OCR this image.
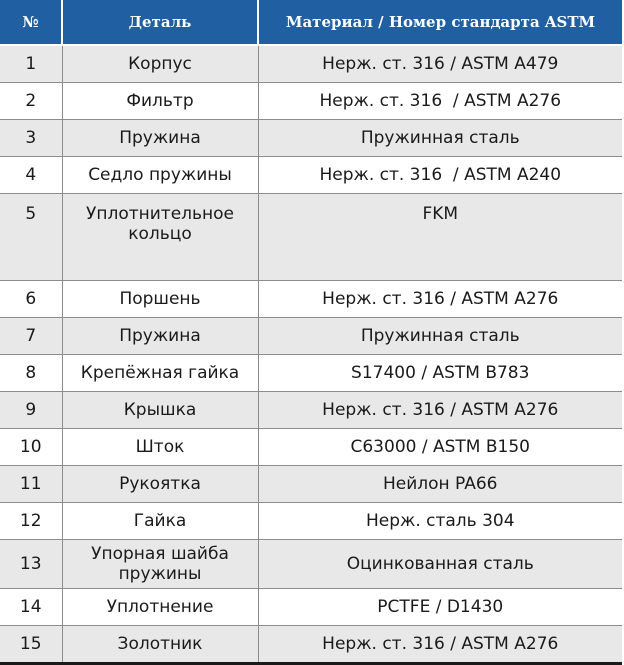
№	Деталь	Материал / Номер стандарта ASTM
1	Корпус	Нерж. ст. 316 / ASTM A479
2	Фильтр	Нерж. ст. 316  / ASTM A276
3	Пружина	Пружинная сталь
4	Седло пружины	Нерж. ст. 316  / ASTM A240
5	Уплотнительное кольцо	FKM
6	Поршень	Нерж. ст. 316 / ASTM A276
7	Пружина	Пружинная сталь
8	Крепёжная гайка	S17400 / ASTM B783
9	Крышка	Нерж. ст. 316 / ASTM A276
10	Шток	C63000 / ASTM B150
11	Рукоятка	Нейлон PA66
12	Гайка	Нерж. сталь 304
13	Упорная шайба пружины	Оцинкованная сталь
14	Уплотнение	PCTFE / D1430
15	Золотник	Нерж. ст. 316 / ASTM A276
